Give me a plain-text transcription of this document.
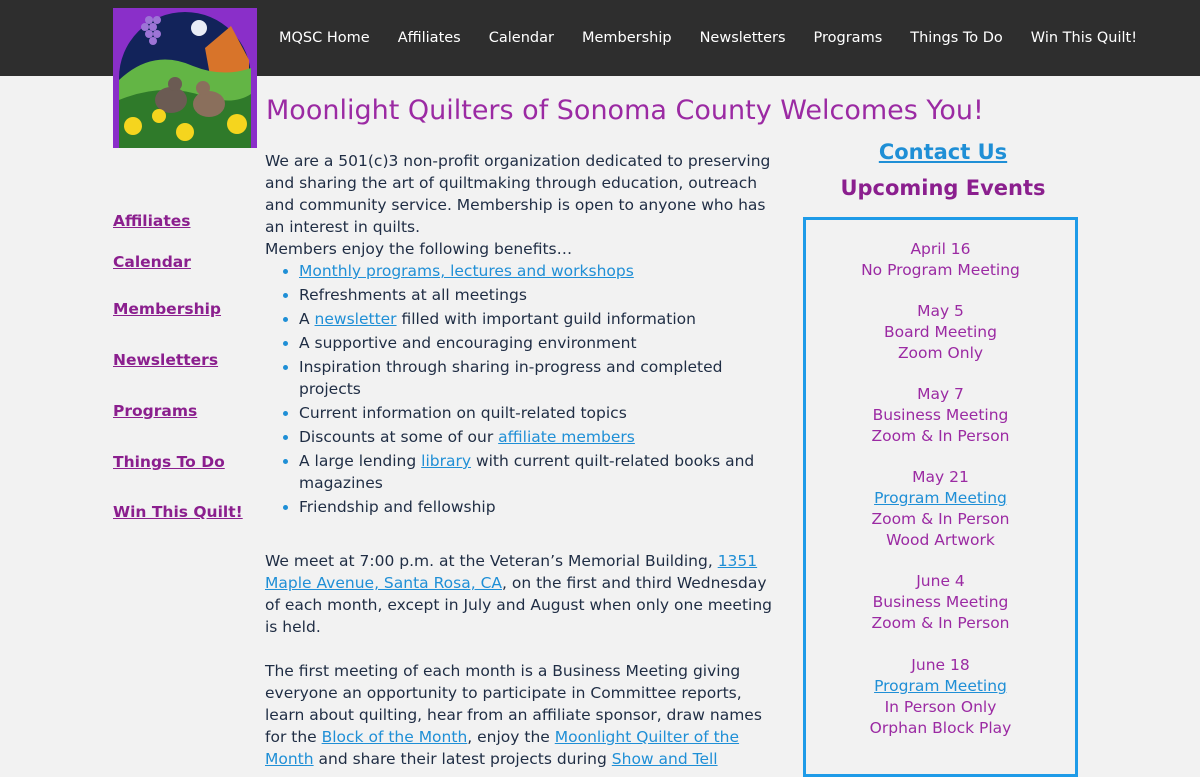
MQSC Home Affiliates Calendar Membership Newsletters Programs Things To Do Win This Quilt!
Affiliates
Calendar
Membership
Newsletters
Programs
Things To Do
Win This Quilt!
Moonlight Quilters of Sonoma County Welcomes You!

We are a 501(c)3 non-profit organization dedicated to preserving and sharing the art of quiltmaking through education, outreach and community service. Membership is open to anyone who has an interest in quilts.

Members enjoy the following benefits…

• Monthly programs, lectures and workshops
• Refreshments at all meetings
• A newsletter filled with important guild information
• A supportive and encouraging environment
• Inspiration through sharing in-progress and completed projects
• Current information on quilt-related topics
• Discounts at some of our affiliate members
• A large lending library with current quilt-related books and magazines
• Friendship and fellowship

We meet at 7:00 p.m. at the Veteran’s Memorial Building, 1351 Maple Avenue, Santa Rosa, CA, on the first and third Wednesday of each month, except in July and August when only one meeting is held.

The first meeting of each month is a Business Meeting giving everyone an opportunity to participate in Committee reports, learn about quilting, hear from an affiliate sponsor, draw names for the Block of the Month, enjoy the Moonlight Quilter of the Month and share their latest projects during Show and Tell

Contact Us
Upcoming Events
April 16
No Program Meeting
May 5
Board Meeting
Zoom Only
May 7
Business Meeting
Zoom & In Person
May 21
Program Meeting
Zoom & In Person
Wood Artwork
June 4
Business Meeting
Zoom & In Person
June 18
Program Meeting
In Person Only
Orphan Block Play
